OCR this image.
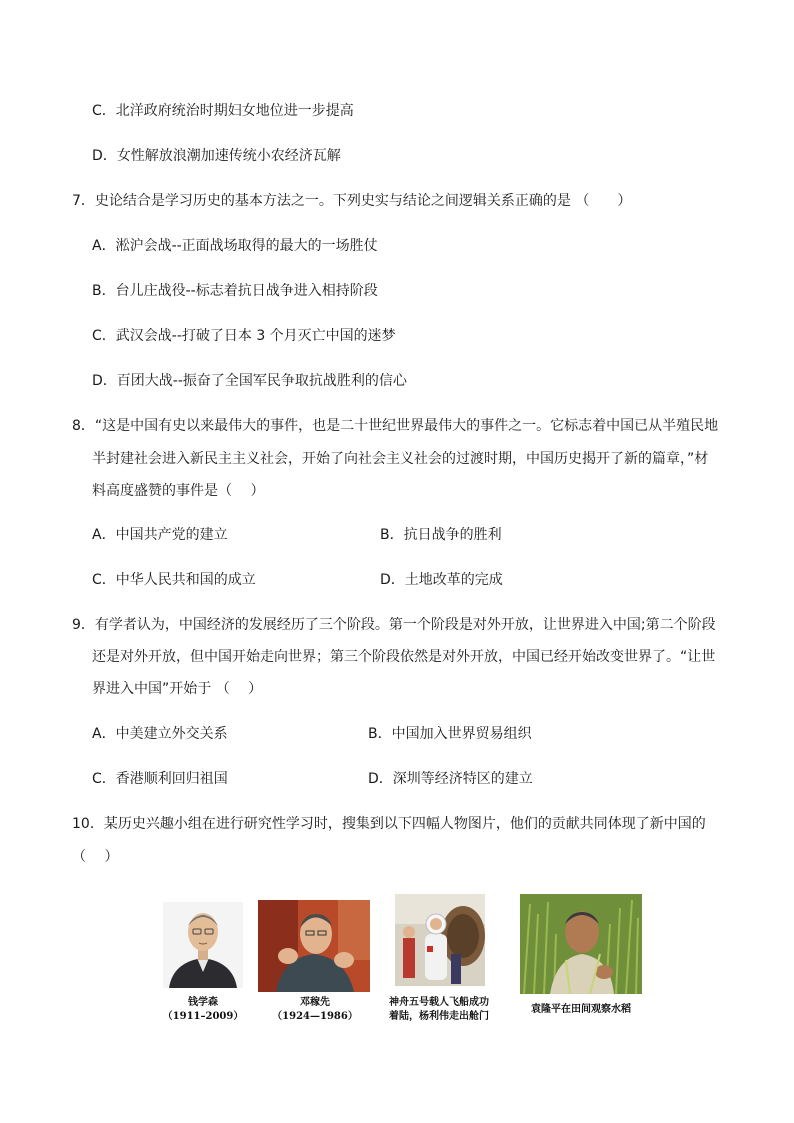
C．北洋政府统治时期妇女地位进一步提高
D．女性解放浪潮加速传统小农经济瓦解
7．史论结合是学习历史的基本方法之一。下列史实与结论之间逻辑关系正确的是 （　　）
A．淞沪会战--正面战场取得的最大的一场胜仗
B．台儿庄战役--标志着抗日战争进入相持阶段
C．武汉会战--打破了日本 3 个月灭亡中国的迷梦
D．百团大战--振奋了全国军民争取抗战胜利的信心
8．“这是中国有史以来最伟大的事件，也是二十世纪世界最伟大的事件之一。它标志着中国已从半殖民地
半封建社会进入新民主主义社会，开始了向社会主义社会的过渡时期，中国历史揭开了新的篇章，”材
料高度盛赞的事件是（　 ）
A．中国共产党的建立	B．抗日战争的胜利
C．中华人民共和国的成立	D．土地改革的完成
9．有学者认为，中国经济的发展经历了三个阶段。第一个阶段是对外开放，让世界进入中国;第二个阶段
还是对外开放，但中国开始走向世界；第三个阶段依然是对外开放，中国已经开始改变世界了。“让世
界进入中国”开始于 （　 ）
A．中美建立外交关系	B．中国加入世界贸易组织
C．香港顺利回归祖国	D．深圳等经济特区的建立
10．某历史兴趣小组在进行研究性学习时，搜集到以下四幅人物图片，他们的贡献共同体现了新中国的
（　 ）
钱学森
（1911–2009）
邓稼先
（1924—1986）
神舟五号载人飞船成功
着陆，杨利伟走出舱门
袁隆平在田间观察水稻
